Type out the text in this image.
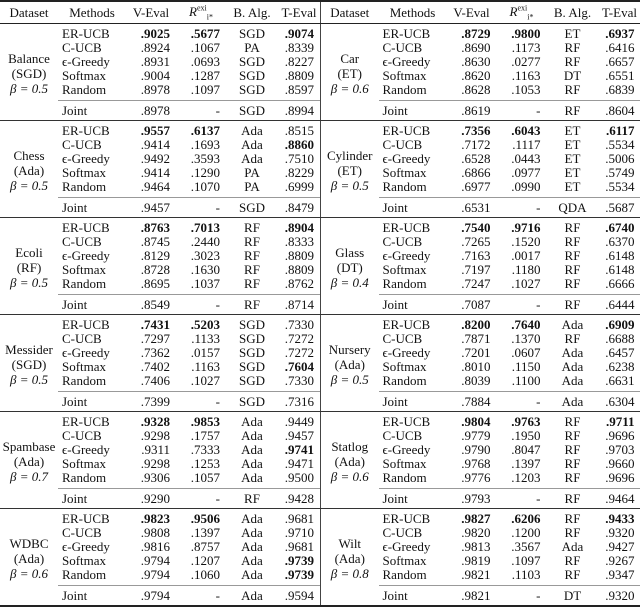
Dataset	Methods	V-Eval	$R^{exi}_{i*}$	B. Alg.	T-Eval

Balance
(SGD)
β = 0.5	ER-UCB	.9025	.5677	SGD	.9074
	C-UCB	.8924	.1067	PA	.8339
	ϵ-Greedy	.8931	.0693	SGD	.8227
	Softmax	.9004	.1287	SGD	.8809
	Random	.8978	.1097	SGD	.8597
	Joint	.8978	-	SGD	.8994

Chess
(Ada)
β = 0.5	ER-UCB	.9557	.6137	Ada	.8515
	C-UCB	.9414	.1693	Ada	.8860
	ϵ-Greedy	.9492	.3593	Ada	.7510
	Softmax	.9414	.1290	PA	.8229
	Random	.9464	.1070	PA	.6999
	Joint	.9457	-	SGD	.8479

Ecoli
(RF)
β = 0.5	ER-UCB	.8763	.7013	RF	.8904
	C-UCB	.8745	.2440	RF	.8333
	ϵ-Greedy	.8129	.3023	RF	.8809
	Softmax	.8728	.1630	RF	.8809
	Random	.8695	.1037	RF	.8762
	Joint	.8549	-	RF	.8714

Messider
(SGD)
β = 0.5	ER-UCB	.7431	.5203	SGD	.7330
	C-UCB	.7297	.1133	SGD	.7272
	ϵ-Greedy	.7362	.0157	SGD	.7272
	Softmax	.7402	.1163	SGD	.7604
	Random	.7406	.1027	SGD	.7330
	Joint	.7399	-	SGD	.7316

Spambase
(Ada)
β = 0.7	ER-UCB	.9328	.9853	Ada	.9449
	C-UCB	.9298	.1757	Ada	.9457
	ϵ-Greedy	.9311	.7333	Ada	.9741
	Softmax	.9298	.1253	Ada	.9471
	Random	.9306	.1057	Ada	.9500
	Joint	.9290	-	RF	.9428

WDBC
(Ada)
β = 0.6	ER-UCB	.9823	.9506	Ada	.9681
	C-UCB	.9808	.1397	Ada	.9710
	ϵ-Greedy	.9816	.8757	Ada	.9681
	Softmax	.9794	.1207	Ada	.9739
	Random	.9794	.1060	Ada	.9739
	Joint	.9794	-	Ada	.9594
Dataset	Methods	V-Eval	$R^{exi}_{i*}$	B. Alg.	T-Eval

Car
(ET)
β = 0.6	ER-UCB	.8729	.9800	ET	.6937
	C-UCB	.8690	.1173	RF	.6416
	ϵ-Greedy	.8630	.0277	RF	.6657
	Softmax	.8620	.1163	DT	.6551
	Random	.8628	.1053	RF	.6839
	Joint	.8619	-	RF	.8604

Cylinder
(ET)
β = 0.5	ER-UCB	.7356	.6043	ET	.6117
	C-UCB	.7172	.1117	ET	.5534
	ϵ-Greedy	.6528	.0443	ET	.5006
	Softmax	.6866	.0977	ET	.5749
	Random	.6977	.0990	ET	.5534
	Joint	.6531	-	QDA	.5687

Glass
(DT)
β = 0.4	ER-UCB	.7540	.9716	RF	.6740
	C-UCB	.7265	.1520	RF	.6370
	ϵ-Greedy	.7163	.0017	RF	.6148
	Softmax	.7197	.1180	RF	.6148
	Random	.7247	.1027	RF	.6666
	Joint	.7087	-	RF	.6444

Nursery
(Ada)
β = 0.5	ER-UCB	.8200	.7640	Ada	.6909
	C-UCB	.7871	.1370	RF	.6688
	ϵ-Greedy	.7201	.0607	Ada	.6457
	Softmax	.8010	.1150	Ada	.6238
	Random	.8039	.1100	Ada	.6631
	Joint	.7884	-	Ada	.6304

Statlog
(Ada)
β = 0.6	ER-UCB	.9804	.9763	RF	.9711
	C-UCB	.9779	.1950	RF	.9696
	ϵ-Greedy	.9790	.8047	RF	.9703
	Softmax	.9768	.1397	RF	.9660
	Random	.9776	.1203	RF	.9696
	Joint	.9793	-	RF	.9464

Wilt
(Ada)
β = 0.8	ER-UCB	.9827	.6206	RF	.9433
	C-UCB	.9820	.1200	RF	.9320
	ϵ-Greedy	.9813	.3567	Ada	.9427
	Softmax	.9819	.1097	RF	.9267
	Random	.9821	.1103	RF	.9347
	Joint	.9821	-	DT	.9320
